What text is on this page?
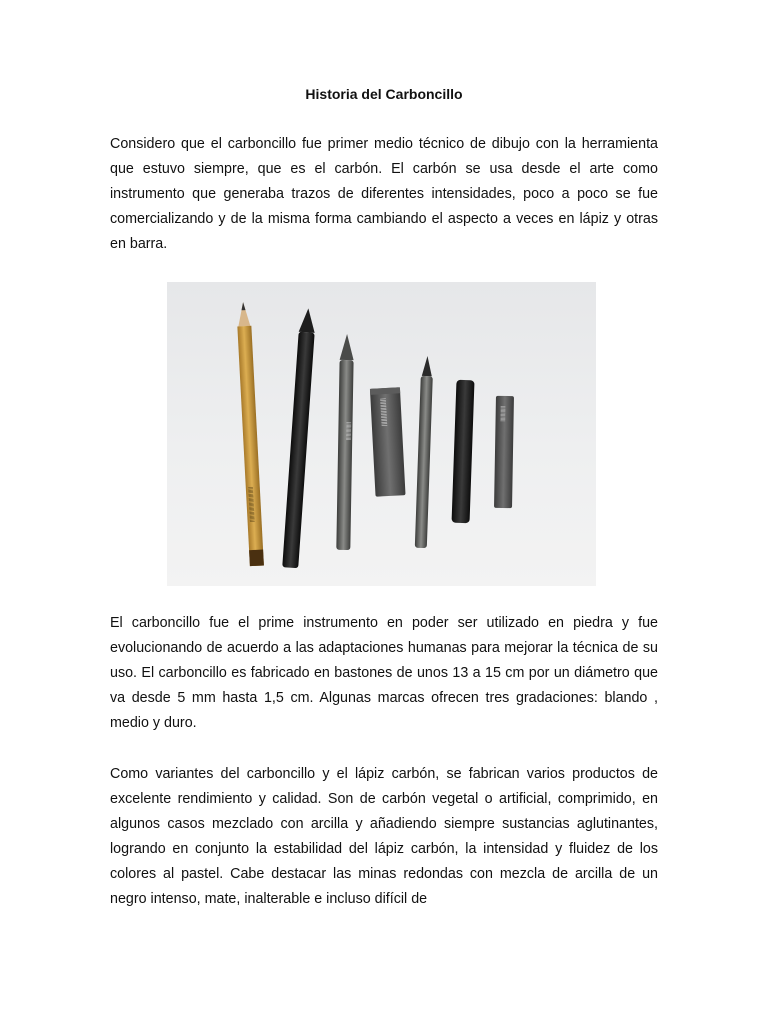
Historia del Carboncillo

Considero que el carboncillo fue primer medio técnico de dibujo con la herramienta que estuvo siempre, que es el carbón. El carbón se usa desde el arte como instrumento que generaba trazos de diferentes intensidades, poco a poco se fue comercializando y de la misma forma cambiando el aspecto a veces en lápiz y otras en barra.

|||||||||||||||||||||||||||
||||||||||||||
||||||||||||||||||	||||||||||||

El carboncillo fue el prime instrumento en poder ser utilizado en piedra y fue evolucionando de acuerdo a las adaptaciones humanas para mejorar la técnica de su uso. El carboncillo es fabricado en bastones de unos 13 a 15 cm por un diámetro que va desde 5 mm hasta 1,5 cm. Algunas marcas ofrecen tres gradaciones: blando , medio y duro.

Como variantes del carboncillo y el lápiz carbón, se fabrican varios productos de excelente rendimiento y calidad. Son de carbón vegetal o artificial, comprimido, en algunos casos mezclado con arcilla y añadiendo siempre sustancias aglutinantes, logrando en conjunto la estabilidad del lápiz carbón, la intensidad y fluidez de los colores al pastel. Cabe destacar las minas redondas con mezcla de arcilla de un negro intenso, mate, inalterable e incluso difícil de
